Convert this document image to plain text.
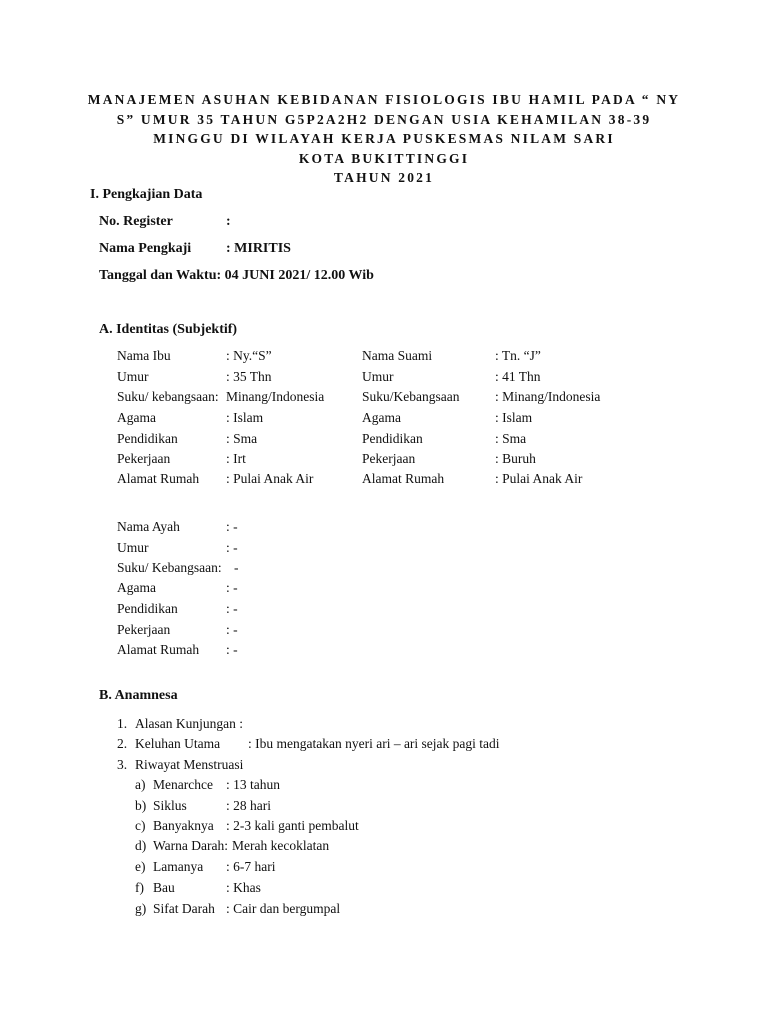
MANAJEMEN ASUHAN KEBIDANAN FISIOLOGIS IBU HAMIL PADA “ NY
S” UMUR 35 TAHUN G5P2A2H2 DENGAN USIA KEHAMILAN 38-39
MINGGU DI WILAYAH KERJA PUSKESMAS NILAM SARI
KOTA BUKITTINGGI
TAHUN 2021
I. Pengkajian Data
No. Register	:
Nama Pengkaji : MIRITIS
Tanggal dan Waktu: 04 JUNI 2021/ 12.00 Wib
A. Identitas (Subjektif)
Nama Ibu	: Ny.“S”
Umur	: 35 Thn
Suku/ kebangsaan: Minang/Indonesia
Agama	: Islam
Pendidikan	: Sma
Pekerjaan	: Irt
Alamat Rumah : Pulai Anak Air
Nama Suami	: Tn. “J”
Umur	: 41 Thn
Suku/Kebangsaan	: Minang/Indonesia
Agama	: Islam
Pendidikan	: Sma
Pekerjaan	: Buruh
Alamat Rumah	: Pulai Anak Air
Nama Ayah	: -
Umur	: -
Suku/ Kebangsaan: -
Agama	: -
Pendidikan	: -
Pekerjaan	: -
Alamat Rumah : -
B. Anamnesa
1. Alasan Kunjungan :
2. Keluhan Utama : Ibu mengatakan nyeri ari – ari sejak pagi tadi
3. Riwayat Menstruasi
a) Menarchce : 13 tahun
b) Siklus	: 28 hari
c) Banyaknya : 2-3 kali ganti pembalut
d) Warna Darah: Merah kecoklatan
e) Lamanya : 6-7 hari
f) Bau	: Khas
g) Sifat Darah : Cair dan bergumpal
